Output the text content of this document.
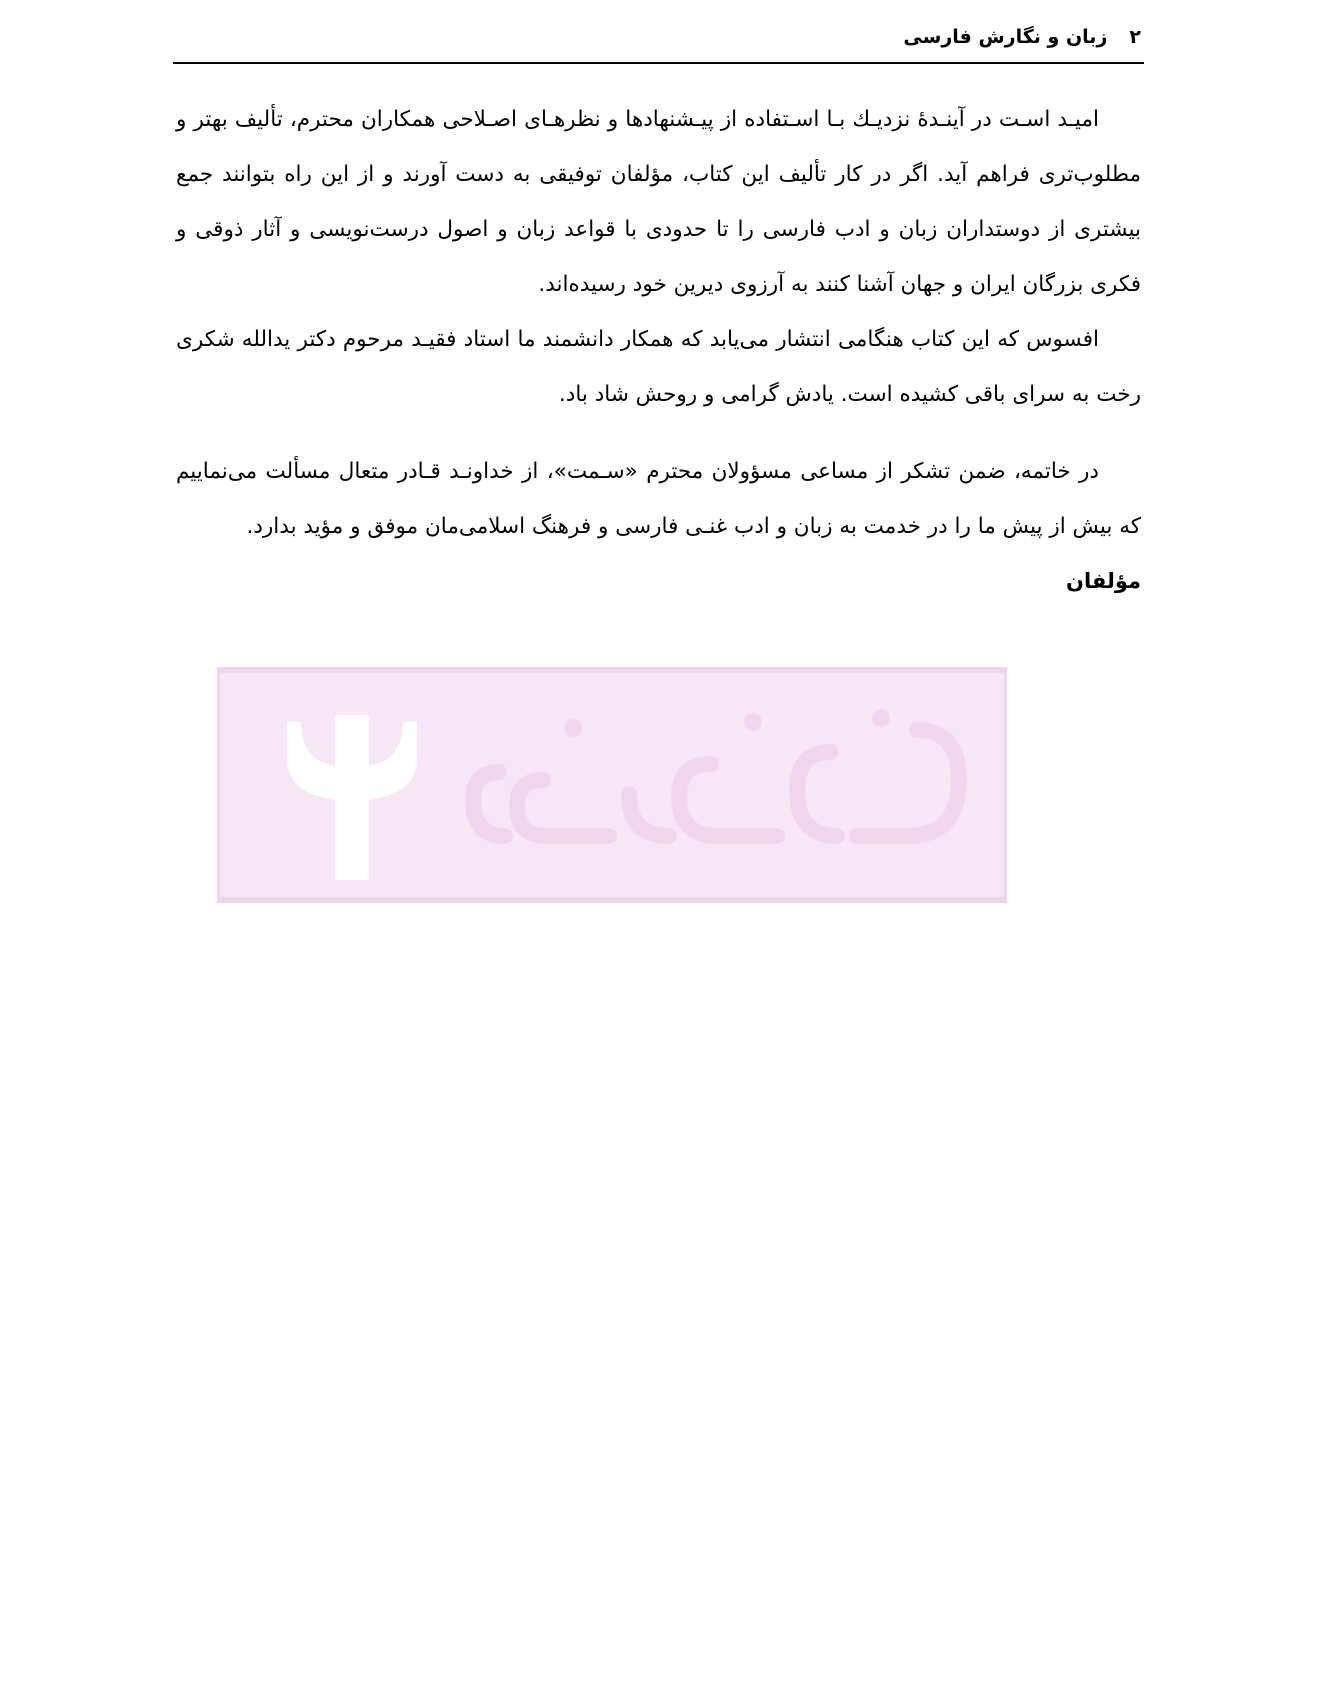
۲
زبان و نگارش فارسی

امیـد اسـت در آینـدۀ نزدیـك بـا اسـتفاده از پیـشنهادها و نظرهـای اصـلاحی همکاران محترم، تألیف بهتر و مطلوب‌تری فراهم آید. اگر در کار تألیف این کتاب، مؤلفان توفیقی به دست آورند و از این راه بتوانند جمع بیشتری از دوستداران زبان و ادب فارسی را تا حدودی با قواعد زبان و اصول درست‌نویسی و آثار ذوقی و فکری بزرگان ایران و جهان آشنا کنند به آرزوی دیرین خود رسیده‌اند.

افسوس که این کتاب هنگامی انتشار می‌یابد که همکار دانشمند ما استاد فقیـد مرحوم دکتر یدالله شکری رخت به سرای باقی کشیده است. یادش گرامی و روحش شاد باد.

در خاتمه، ضمن تشکر از مساعی مسؤولان محترم «سـمت»، از خداونـد قـادر متعال مسألت می‌نماییم که بیش از پیش ما را در خدمت به زبان و ادب غنـی فارسی و فرهنگ اسلامی‌مان موفق و مؤید بدارد.

مؤلفان
